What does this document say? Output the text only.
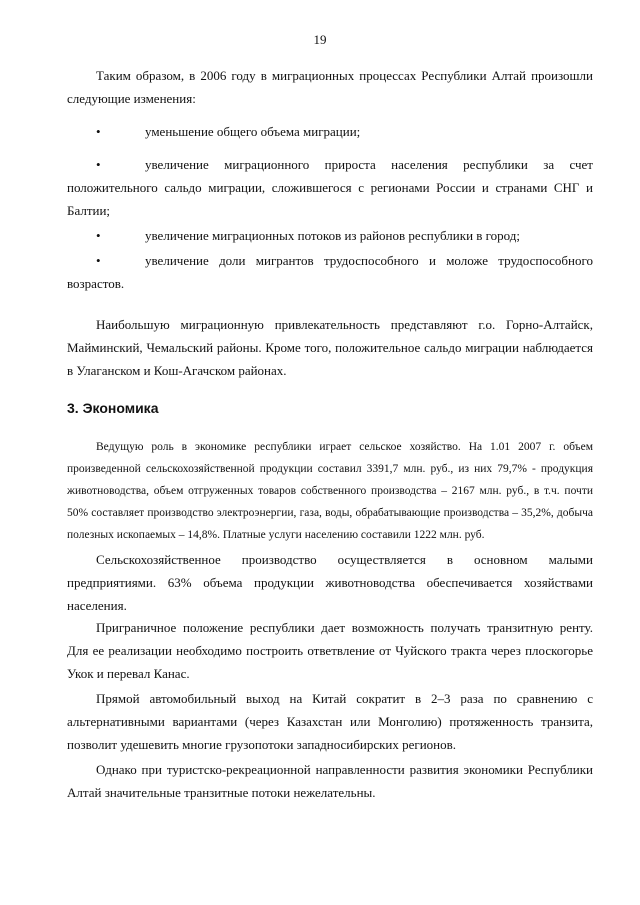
19

Таким образом, в 2006 году в миграционных процессах Республики Алтай произошли следующие изменения:

•	уменьшение общего объема миграции;
•	увеличение миграционного прироста населения республики за счет положительного сальдо миграции, сложившегося с регионами России и странами СНГ и Балтии;
•	увеличение миграционных потоков из районов республики в город;
•	увеличение доли мигрантов трудоспособного и моложе трудоспособного возрастов.

Наибольшую миграционную привлекательность представляют г.о. Горно-Алтайск, Майминский, Чемальский районы. Кроме того, положительное сальдо миграции наблюдается в Улаганском и Кош-Агачском районах.

3. Экономика

Ведущую роль в экономике республики играет сельское хозяйство. На 1.01 2007 г. объем произведенной сельскохозяйственной продукции составил 3391,7 млн. руб., из них 79,7% - продукция животноводства, объем отгруженных товаров собственного производства – 2167 млн. руб., в т.ч. почти 50% составляет производство электроэнергии, газа, воды, обрабатывающие производства – 35,2%, добыча полезных ископаемых – 14,8%. Платные услуги населению составили 1222 млн. руб.

Сельскохозяйственное производство осуществляется в основном малыми предприятиями. 63% объема продукции животноводства обеспечивается хозяйствами населения.

Приграничное положение республики дает возможность получать транзитную ренту. Для ее реализации необходимо построить ответвление от Чуйского тракта через плоскогорье Укок и перевал Канас.

Прямой автомобильный выход на Китай сократит в 2–3 раза по сравнению с альтернативными вариантами (через Казахстан или Монголию) протяженность транзита, позволит удешевить многие грузопотоки западносибирских регионов.

Однако при туристско-рекреационной направленности развития экономики Республики Алтай значительные транзитные потоки нежелательны.
